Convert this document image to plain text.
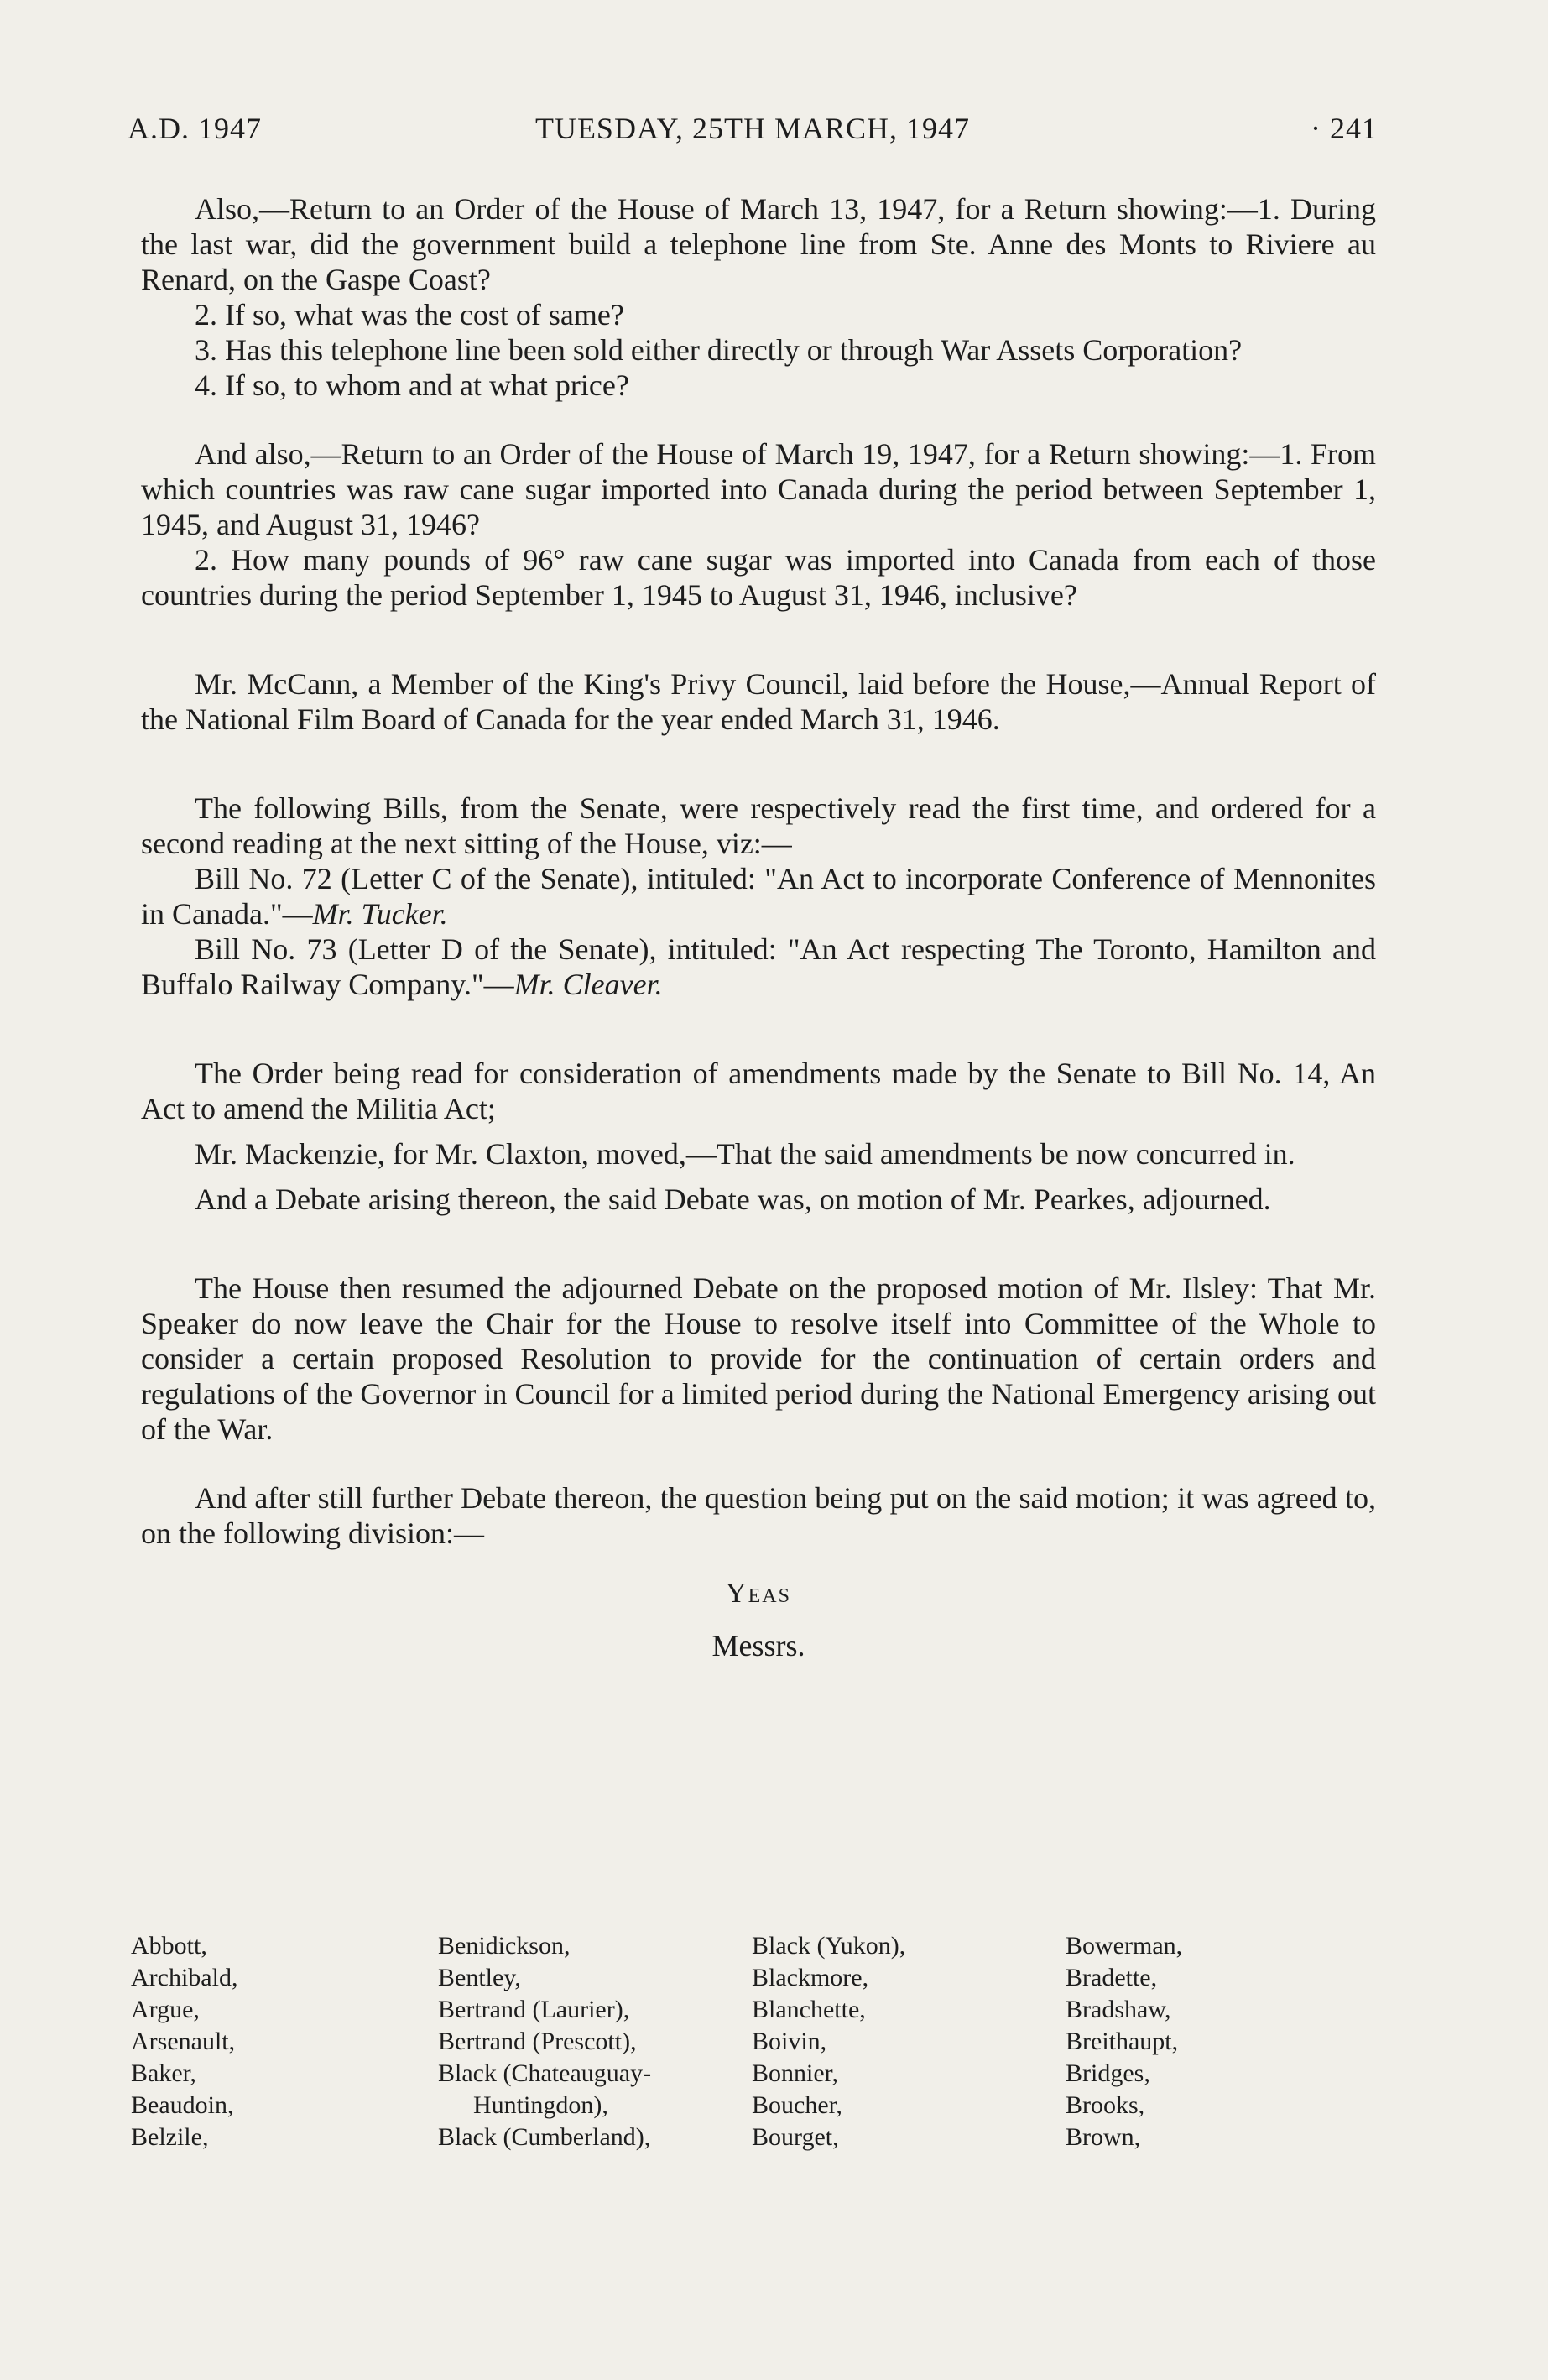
A.D. 1947	TUESDAY, 25TH MARCH, 1947	· 241

Also,—Return to an Order of the House of March 13, 1947, for a Return showing:—1. During the last war, did the government build a telephone line from Ste. Anne des Monts to Riviere au Renard, on the Gaspe Coast?

2. If so, what was the cost of same?

3. Has this telephone line been sold either directly or through War Assets Corporation?

4. If so, to whom and at what price?

And also,—Return to an Order of the House of March 19, 1947, for a Return showing:—1. From which countries was raw cane sugar imported into Canada during the period between September 1, 1945, and August 31, 1946?

2. How many pounds of 96° raw cane sugar was imported into Canada from each of those countries during the period September 1, 1945 to August 31, 1946, inclusive?

Mr. McCann, a Member of the King's Privy Council, laid before the House,—Annual Report of the National Film Board of Canada for the year ended March 31, 1946.

The following Bills, from the Senate, were respectively read the first time, and ordered for a second reading at the next sitting of the House, viz:—

Bill No. 72 (Letter C of the Senate), intituled: "An Act to incorporate Conference of Mennonites in Canada."—Mr. Tucker.

Bill No. 73 (Letter D of the Senate), intituled: "An Act respecting The Toronto, Hamilton and Buffalo Railway Company."—Mr. Cleaver.

The Order being read for consideration of amendments made by the Senate to Bill No. 14, An Act to amend the Militia Act;

Mr. Mackenzie, for Mr. Claxton, moved,—That the said amendments be now concurred in.

And a Debate arising thereon, the said Debate was, on motion of Mr. Pearkes, adjourned.

The House then resumed the adjourned Debate on the proposed motion of Mr. Ilsley: That Mr. Speaker do now leave the Chair for the House to resolve itself into Committee of the Whole to consider a certain proposed Resolution to provide for the continuation of certain orders and regulations of the Governor in Council for a limited period during the National Emergency arising out of the War.

And after still further Debate thereon, the question being put on the said motion; it was agreed to, on the following division:—

Yeas
Messrs.
Abbott,
Archibald,
Argue,
Arsenault,
Baker,
Beaudoin,
Belzile,
Benidickson,
Bentley,
Bertrand (Laurier),
Bertrand (Prescott),
Black (Chateauguay-
Huntingdon),
Black (Cumberland),
Black (Yukon),
Blackmore,
Blanchette,
Boivin,
Bonnier,
Boucher,
Bourget,
Bowerman,
Bradette,
Bradshaw,
Breithaupt,
Bridges,
Brooks,
Brown,
